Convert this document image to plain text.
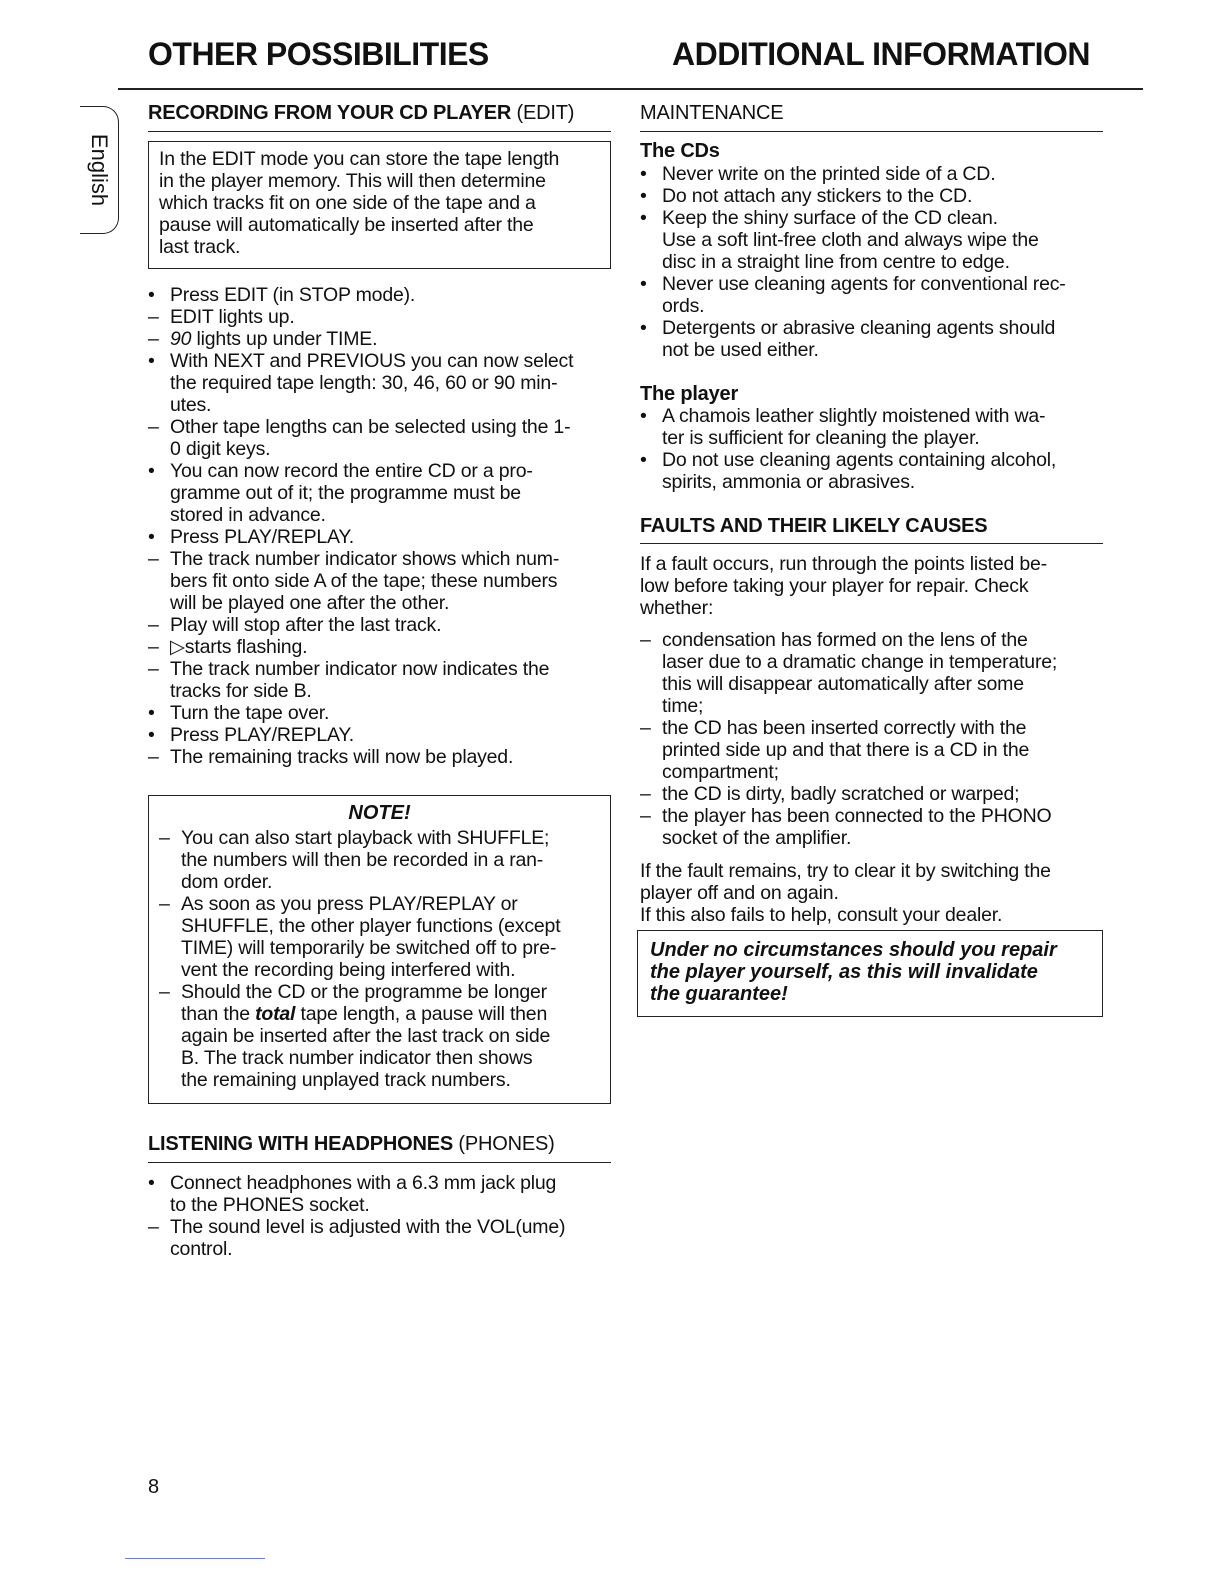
OTHER POSSIBILITIES	ADDITIONAL INFORMATION
English
RECORDING FROM YOUR CD PLAYER (EDIT)
In the EDIT mode you can store the tape length
in the player memory. This will then determine
which tracks fit on one side of the tape and a
pause will automatically be inserted after the
last track.
• Press EDIT (in STOP mode).
– EDIT lights up.
– 90 lights up under TIME.
• With NEXT and PREVIOUS you can now select
the required tape length: 30, 46, 60 or 90 min-
utes.
– Other tape lengths can be selected using the 1-
0 digit keys.
• You can now record the entire CD or a pro-
gramme out of it; the programme must be
stored in advance.
• Press PLAY/REPLAY.
– The track number indicator shows which num-
bers fit onto side A of the tape; these numbers
will be played one after the other.
– Play will stop after the last track.
– ▷starts flashing.
– The track number indicator now indicates the
tracks for side B.
• Turn the tape over.
• Press PLAY/REPLAY.
– The remaining tracks will now be played.
NOTE!
– You can also start playback with SHUFFLE;
the numbers will then be recorded in a ran-
dom order.
– As soon as you press PLAY/REPLAY or
SHUFFLE, the other player functions (except
TIME) will temporarily be switched off to pre-
vent the recording being interfered with.
– Should the CD or the programme be longer
than the total tape length, a pause will then
again be inserted after the last track on side
B. The track number indicator then shows
the remaining unplayed track numbers.
LISTENING WITH HEADPHONES (PHONES)
• Connect headphones with a 6.3 mm jack plug
to the PHONES socket.
– The sound level is adjusted with the VOL(ume)
control.
MAINTENANCE
The CDs
• Never write on the printed side of a CD.
• Do not attach any stickers to the CD.
• Keep the shiny surface of the CD clean.
Use a soft lint-free cloth and always wipe the
disc in a straight line from centre to edge.
• Never use cleaning agents for conventional rec-
ords.
• Detergents or abrasive cleaning agents should
not be used either.
The player
• A chamois leather slightly moistened with wa-
ter is sufficient for cleaning the player.
• Do not use cleaning agents containing alcohol,
spirits, ammonia or abrasives.
FAULTS AND THEIR LIKELY CAUSES
If a fault occurs, run through the points listed be-
low before taking your player for repair. Check
whether:
– condensation has formed on the lens of the
laser due to a dramatic change in temperature;
this will disappear automatically after some
time;
– the CD has been inserted correctly with the
printed side up and that there is a CD in the
compartment;
– the CD is dirty, badly scratched or warped;
– the player has been connected to the PHONO
socket of the amplifier.
If the fault remains, try to clear it by switching the
player off and on again.
If this also fails to help, consult your dealer.
Under no circumstances should you repair
the player yourself, as this will invalidate
the guarantee!
8
